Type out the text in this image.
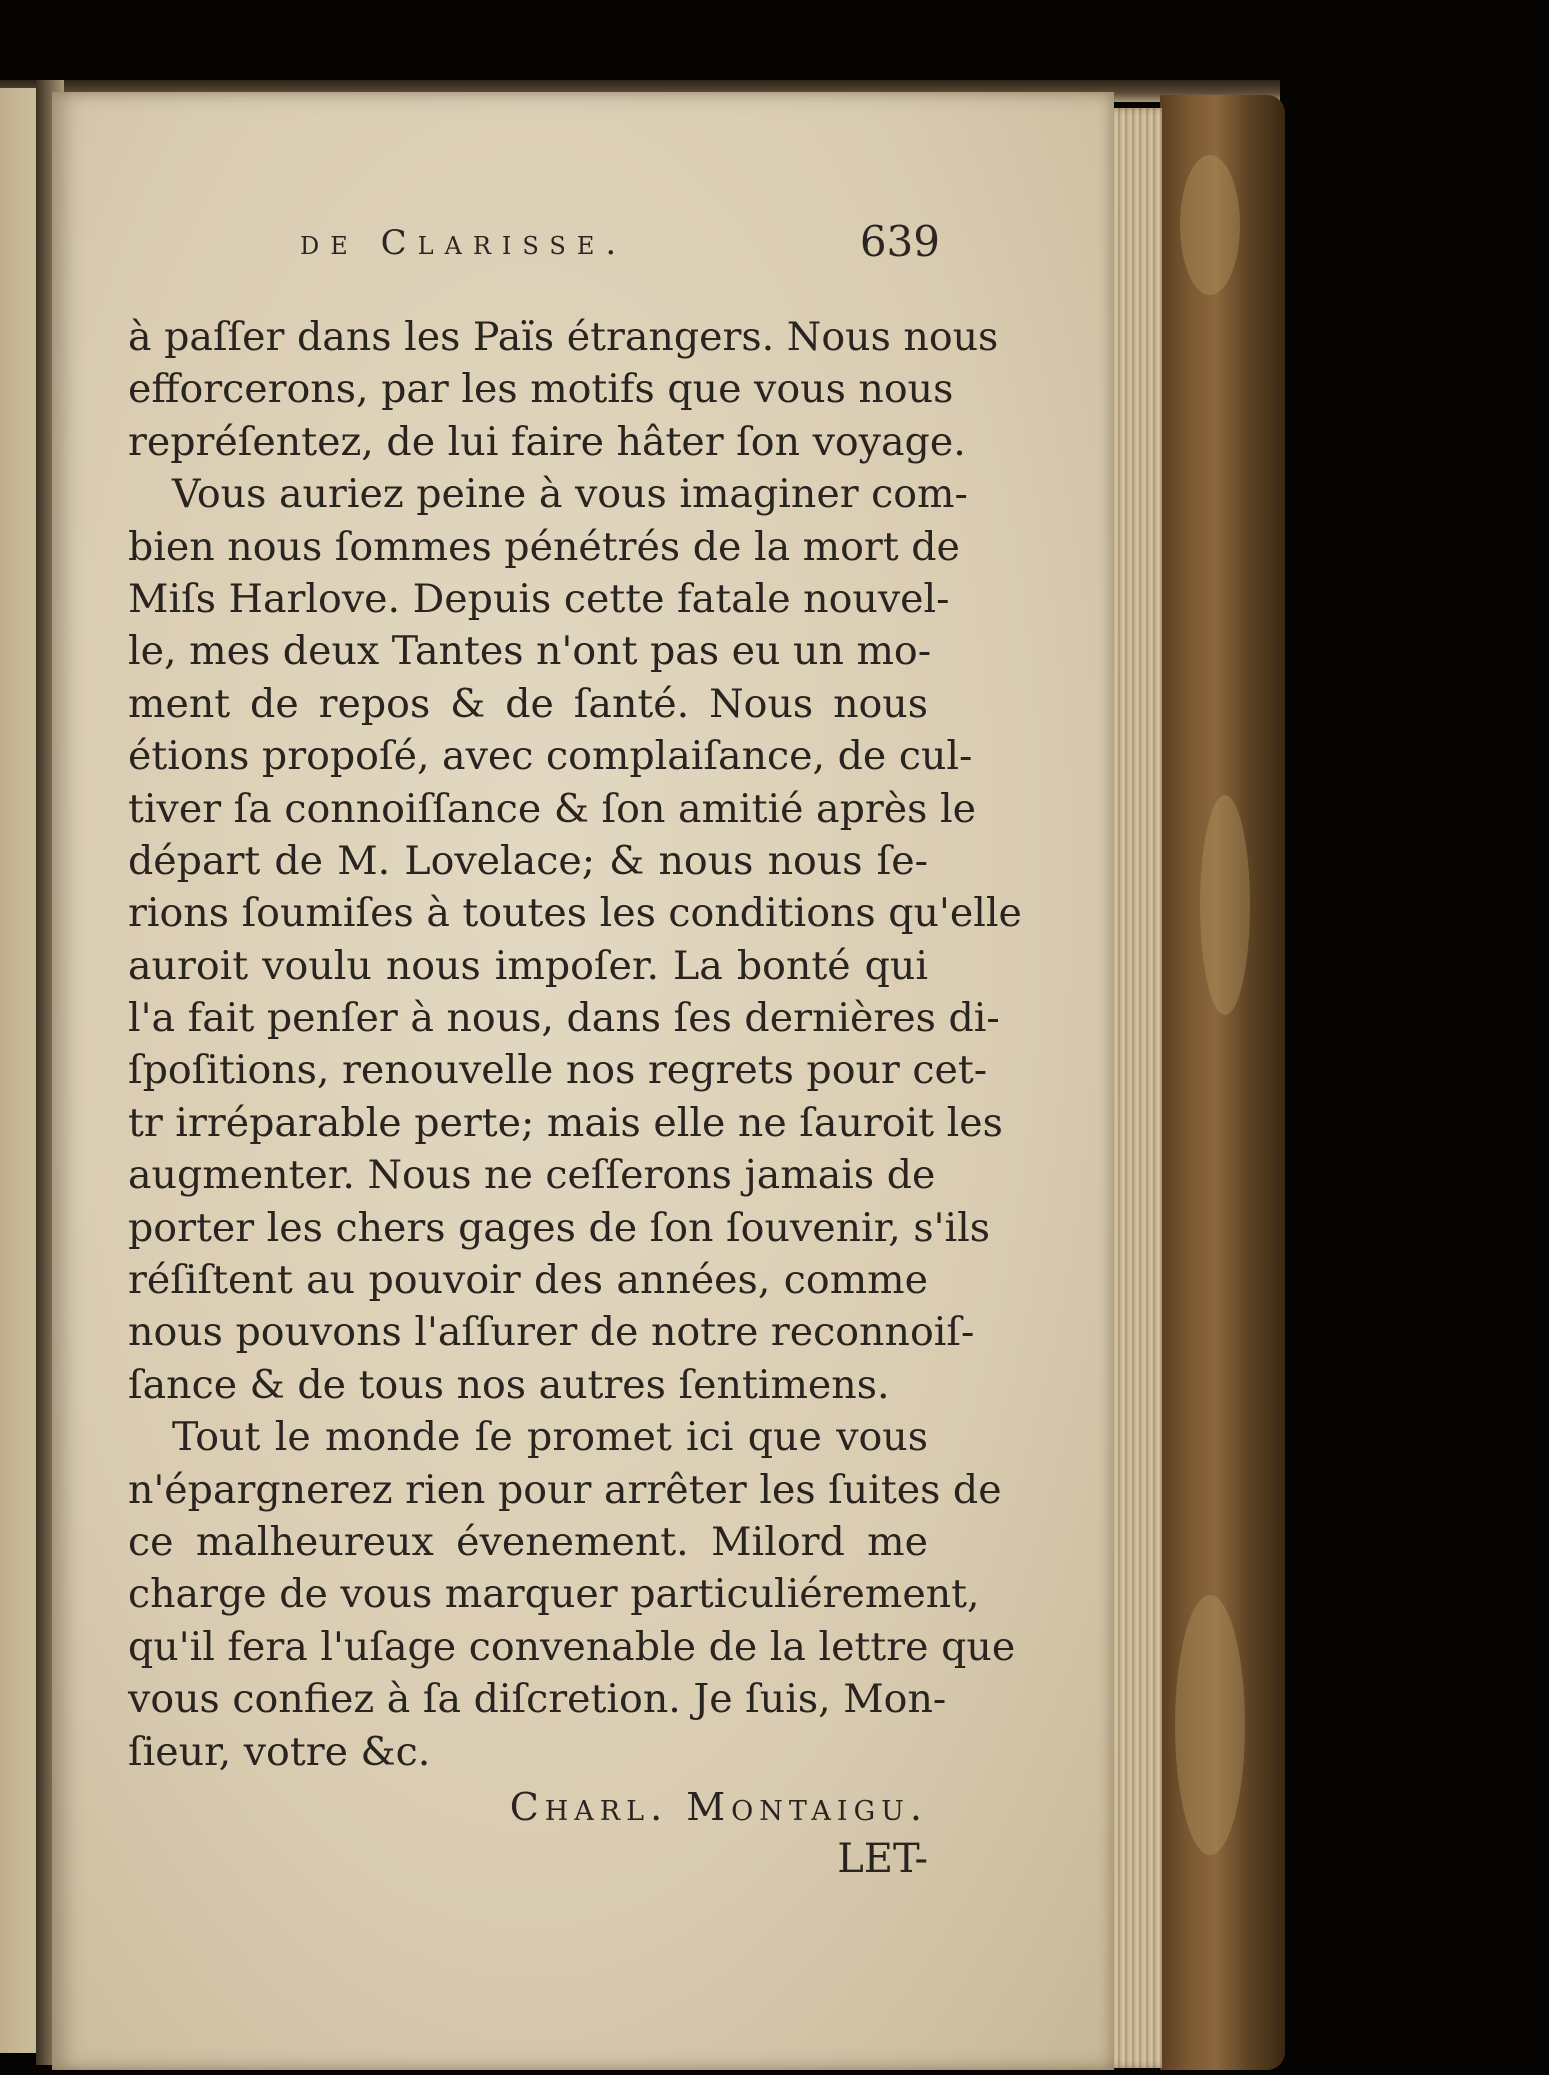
de Clarisse.	639
à paſſer dans les Païs étrangers. Nous nous
efforcerons, par les motifs que vous nous
repréſentez, de lui faire hâter ſon voyage.
Vous auriez peine à vous imaginer com-
bien nous ſommes pénétrés de la mort de
Miſs Harlove. Depuis cette fatale nouvel-
le, mes deux Tantes n'ont pas eu un mo-
ment de repos & de ſanté. Nous nous
étions propoſé, avec complaiſance, de cul-
tiver ſa connoiſſance & ſon amitié après le
départ de M. Lovelace; & nous nous ſe-
rions ſoumiſes à toutes les conditions qu'elle
auroit voulu nous impoſer. La bonté qui
l'a fait penſer à nous, dans ſes dernières di-
ſpoſitions, renouvelle nos regrets pour cet-
tr irréparable perte; mais elle ne ſauroit les
augmenter. Nous ne ceſſerons jamais de
porter les chers gages de ſon ſouvenir, s'ils
réſiſtent au pouvoir des années, comme
nous pouvons l'aſſurer de notre reconnoiſ-
ſance & de tous nos autres ſentimens.
Tout le monde ſe promet ici que vous
n'épargnerez rien pour arrêter les ſuites de
ce malheureux évenement. Milord me
charge de vous marquer particuliérement,
qu'il fera l'uſage convenable de la lettre que
vous confiez à ſa diſcretion. Je ſuis, Mon-
ſieur, votre &c.
Charl. Montaigu.
LET-
